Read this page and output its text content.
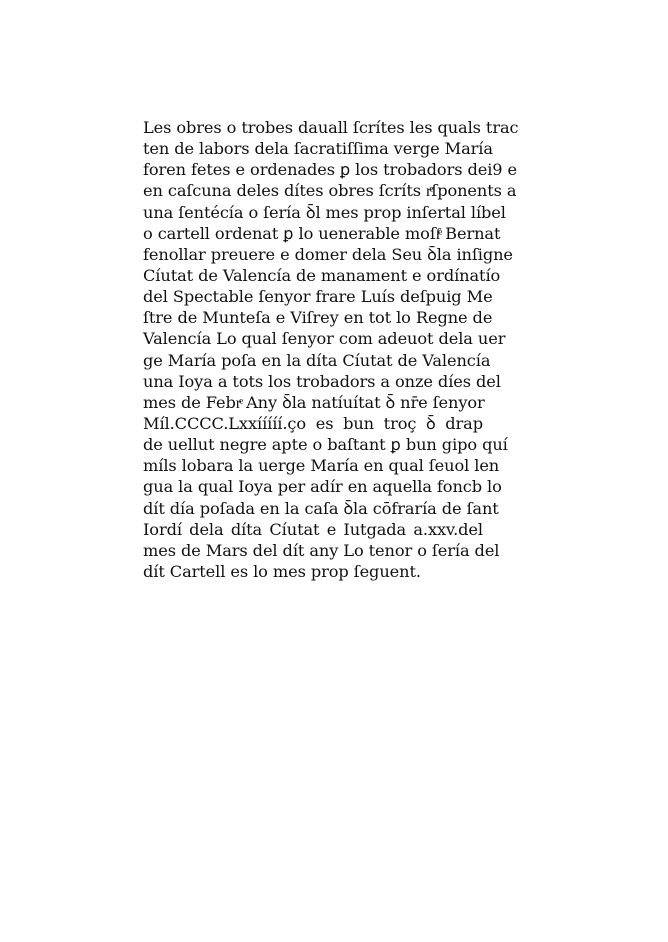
Les obres o trobes dauall ſcrítes les quals trac
ten de labors dela ſacratiſſima verge María
foren fetes e ordenades ꝑ los trobadors dei9 e
en caſcuna deles dítes obres ſcríts rͤſponents a
una ſentécía o ſería ꝺ̄l mes prop inſertal líbel
o cartell ordenat ꝑ lo uenerable moſſͤ Bernat
fenollar preuere e domer dela Seu ꝺ̄la inſigne
Cíutat de Valencía de manament e ordínatío
del Spectable ſenyor frare Luís deſpuig Me
ſtre de Munteſa e Viſrey en tot lo Regne de
Valencía Lo qual ſenyor com adeuot dela uer
ge María poſa en la díta Cíutat de Valencía
una Ioya a tots los trobadors a onze díes del
mes de Febrͤ Any ꝺ̄la natíuítat ꝺ̄ nr̄e ſenyor
Míl.CCCC.Lxxííííí.ço es bun troç ꝺ̄ drap
de uellut negre apte o baſtant ꝑ bun gipo quí
míls lobara la uerge María en qual ſeuol len
gua la qual Ioya per adír en aquella foncb lo
dít día poſada en la caſa ꝺ̄la cōfraría de ſant
Iordí dela díta Cíutat e Iutgada a.xxv.del
mes de Mars del dít any Lo tenor o ſería del
dít Cartell es lo mes prop ſeguent.
